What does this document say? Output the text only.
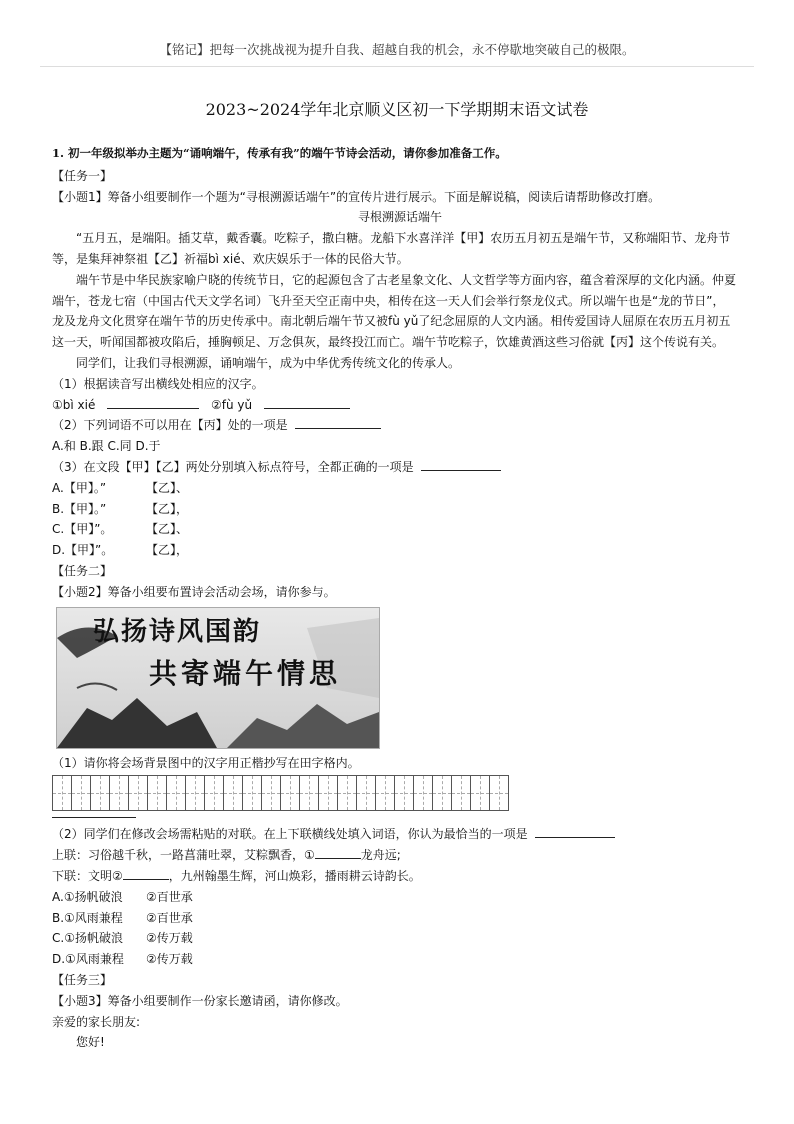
【铭记】把每一次挑战视为提升自我、超越自我的机会，永不停歇地突破自己的极限。
2023~2024学年北京顺义区初一下学期期末语文试卷
1. 初一年级拟举办主题为“诵响端午，传承有我”的端午节诗会活动，请你参加准备工作。
【任务一】
【小题1】筹备小组要制作一个题为“寻根溯源话端午”的宣传片进行展示。下面是解说稿，阅读后请帮助修改打磨。
寻根溯源话端午
“五月五，是端阳。插艾草，戴香囊。吃粽子，撒白糖。龙船下水喜洋洋【甲】农历五月初五是端午节，又称端阳节、龙舟节
等，是集拜神祭祖【乙】祈福bì xié、欢庆娱乐于一体的民俗大节。
端午节是中华民族家喻户晓的传统节日，它的起源包含了古老星象文化、人文哲学等方面内容，蕴含着深厚的文化内涵。仲夏
端午，苍龙七宿（中国古代天文学名词）飞升至天空正南中央，相传在这一天人们会举行祭龙仪式。所以端午也是“龙的节日”，
龙及龙舟文化贯穿在端午节的历史传承中。南北朝后端午节又被fù yǔ了纪念屈原的人文内涵。相传爱国诗人屈原在农历五月初五
这一天，听闻国都被攻陷后，捶胸顿足、万念俱灰，最终投江而亡。端午节吃粽子，饮雄黄酒这些习俗就【丙】这个传说有关。
同学们，让我们寻根溯源，诵响端午，成为中华优秀传统文化的传承人。
（1）根据读音写出横线处相应的汉字。
①bì xié	②fù yǔ
（2）下列词语不可以用在【丙】处的一项是
A.和 B.跟 C.同 D.于
（3）在文段【甲】【乙】两处分别填入标点符号，全都正确的一项是
A.【甲】。”	【乙】、
B.【甲】。”	【乙】，
C.【甲】”。	【乙】、
D.【甲】”。	【乙】，
【任务二】
【小题2】筹备小组要布置诗会活动会场，请你参与。
弘扬诗风国韵
共寄端午情思
（1）请你将会场背景图中的汉字用正楷抄写在田字格内。
（2）同学们在修改会场需粘贴的对联。在上下联横线处填入词语，你认为最恰当的一项是
上联：习俗越千秋，一路菖蒲吐翠，艾粽飘香，①	龙舟远;
下联：文明②	，九州翰墨生辉，河山焕彩，播雨耕云诗韵长。
A.①扬帆破浪 ②百世承
B.①风雨兼程 ②百世承
C.①扬帆破浪 ②传万载
D.①风雨兼程 ②传万载
【任务三】
【小题3】筹备小组要制作一份家长邀请函，请你修改。
亲爱的家长朋友:
您好!
